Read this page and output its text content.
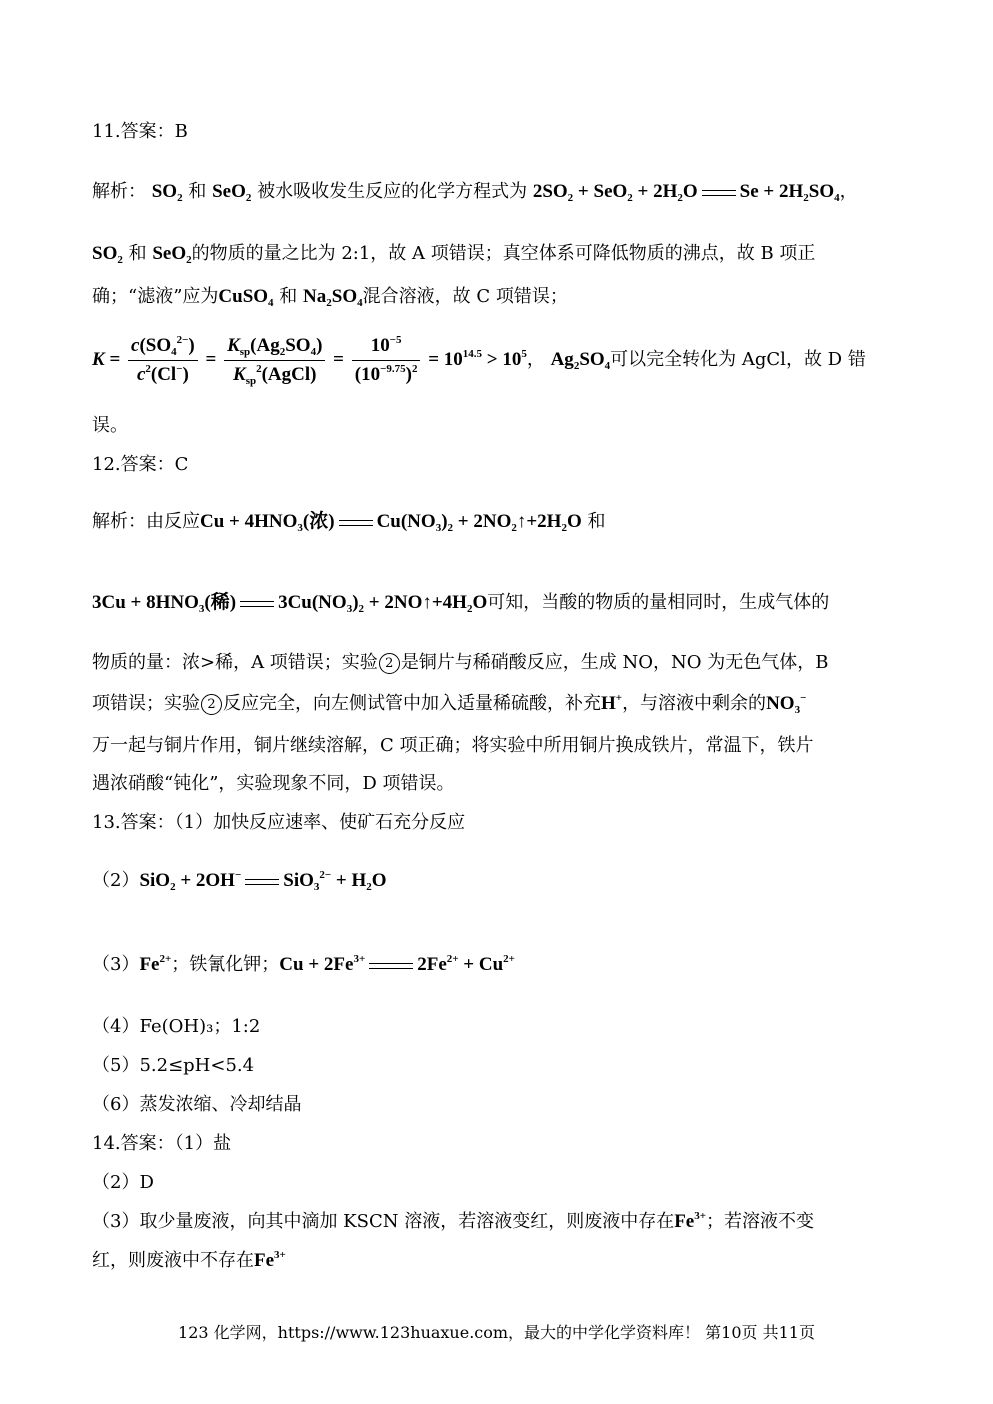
11.答案：B
解析： $SO_2$ 和 SeO$_2$ 被水吸收发生反应的化学方程式为 $2SO_2 + SeO_2 + 2H_2O$ $Se + 2H_2SO_4$，
$SO_2$ 和 SeO$_2$的物质的量之比为 2:1，故 A 项错误；真空体系可降低物质的沸点，故 B 项正
确；“滤液”应为CuSO$_4$ 和 $Na_2SO_4$混合溶液，故 C 项错误；
$K = \frac{c(SO_4^{2-})}{c^2(Cl^-)} = \frac{K_{sp}(Ag_2SO_4)}{K_{sp}^2(AgCl)} = \frac{10^{-5}}{(10^{-9.75})^2} = 10^{14.5} > 10^5$， $Ag_2SO_4$可以完全转化为 AgCl，故 D 错
误。
12.答案：C
解析：由反应$Cu + 4HNO_3$(浓) $Cu(NO_3)_2$ + $2NO_2↑+2H_2O$ 和
$3Cu + 8HNO_3$(稀) $3Cu(NO_3)_2$ + $2NO↑+4H_2O$可知，当酸的物质的量相同时，生成气体的
物质的量：浓>稀，A 项错误；实验 2 是铜片与稀硝酸反应，生成 NO，NO 为无色气体，B
项错误；实验 2 反应完全，向左侧试管中加入适量稀硫酸，补充H+，与溶液中剩余的$NO_3^-$
万一起与铜片作用，铜片继续溶解，C 项正确；将实验中所用铜片换成铁片，常温下，铁片
遇浓硝酸“钝化”，实验现象不同，D 项错误。
13.答案：（1）加快反应速率、使矿石充分反应
（2）SiO$_2$ + 2OH− $SiO_3^{2-} + H_2O$
$(3)Fe^{2+}$；铁氰化钾；$Cu + 2Fe^{3+}$	$2Fe^{2+} + Cu^{2+}$
（4）Fe(OH)₃；1:2
（5）5.2≤pH<5.4
（6）蒸发浓缩、冷却结晶
14.答案：（1）盐
（2）D
（3）取少量废液，向其中滴加 KSCN 溶液，若溶液变红，则废液中存在$Fe^{3+}$；若溶液不变
红，则废液中不存在$Fe^{3+}$
123 化学网，https://www.123huaxue.com，最大的中学化学资料库！ 第10页 共11页
